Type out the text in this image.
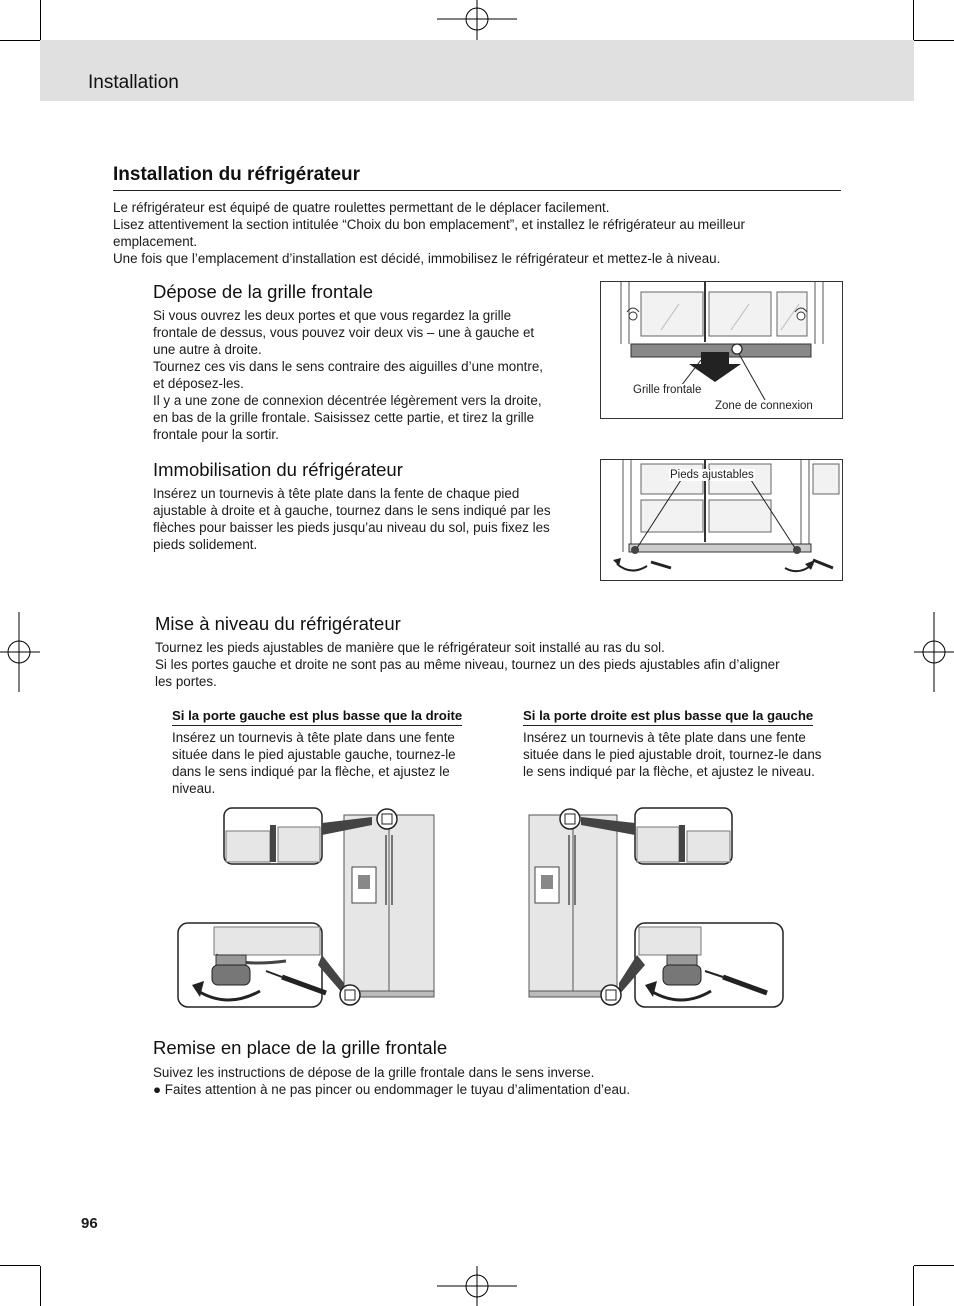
Installation
Installation du réfrigérateur
Le réfrigérateur est équipé de quatre roulettes permettant de le déplacer facilement.
Lisez attentivement la section intitulée “Choix du bon emplacement”, et installez le réfrigérateur au meilleur
emplacement.
Une fois que l’emplacement d’installation est décidé, immobilisez le réfrigérateur et mettez-le à niveau.
Dépose de la grille frontale
Si vous ouvrez les deux portes et que vous regardez la grille
frontale de dessus, vous pouvez voir deux vis – une à gauche et
une autre à droite.
Tournez ces vis dans le sens contraire des aiguilles d’une montre,
et déposez-les.
Il y a une zone de connexion décentrée légèrement vers la droite,
en bas de la grille frontale. Saisissez cette partie, et tirez la grille
frontale pour la sortir.
Grille frontale
Zone de connexion
Immobilisation du réfrigérateur
Insérez un tournevis à tête plate dans la fente de chaque pied
ajustable à droite et à gauche, tournez dans le sens indiqué par les
flèches pour baisser les pieds jusqu’au niveau du sol, puis fixez les
pieds solidement.
Pieds ajustables
Mise à niveau du réfrigérateur
Tournez les pieds ajustables de manière que le réfrigérateur soit installé au ras du sol.
Si les portes gauche et droite ne sont pas au même niveau, tournez un des pieds ajustables afin d’aligner
les portes.
Si la porte gauche est plus basse que la droite
Insérez un tournevis à tête plate dans une fente
située dans le pied ajustable gauche, tournez-le
dans le sens indiqué par la flèche, et ajustez le
niveau.
Si la porte droite est plus basse que la gauche
Insérez un tournevis à tête plate dans une fente
située dans le pied ajustable droit, tournez-le dans
le sens indiqué par la flèche, et ajustez le niveau.
Remise en place de la grille frontale
Suivez les instructions de dépose de la grille frontale dans le sens inverse.
● Faites attention à ne pas pincer ou endommager le tuyau d’alimentation d’eau.
96
